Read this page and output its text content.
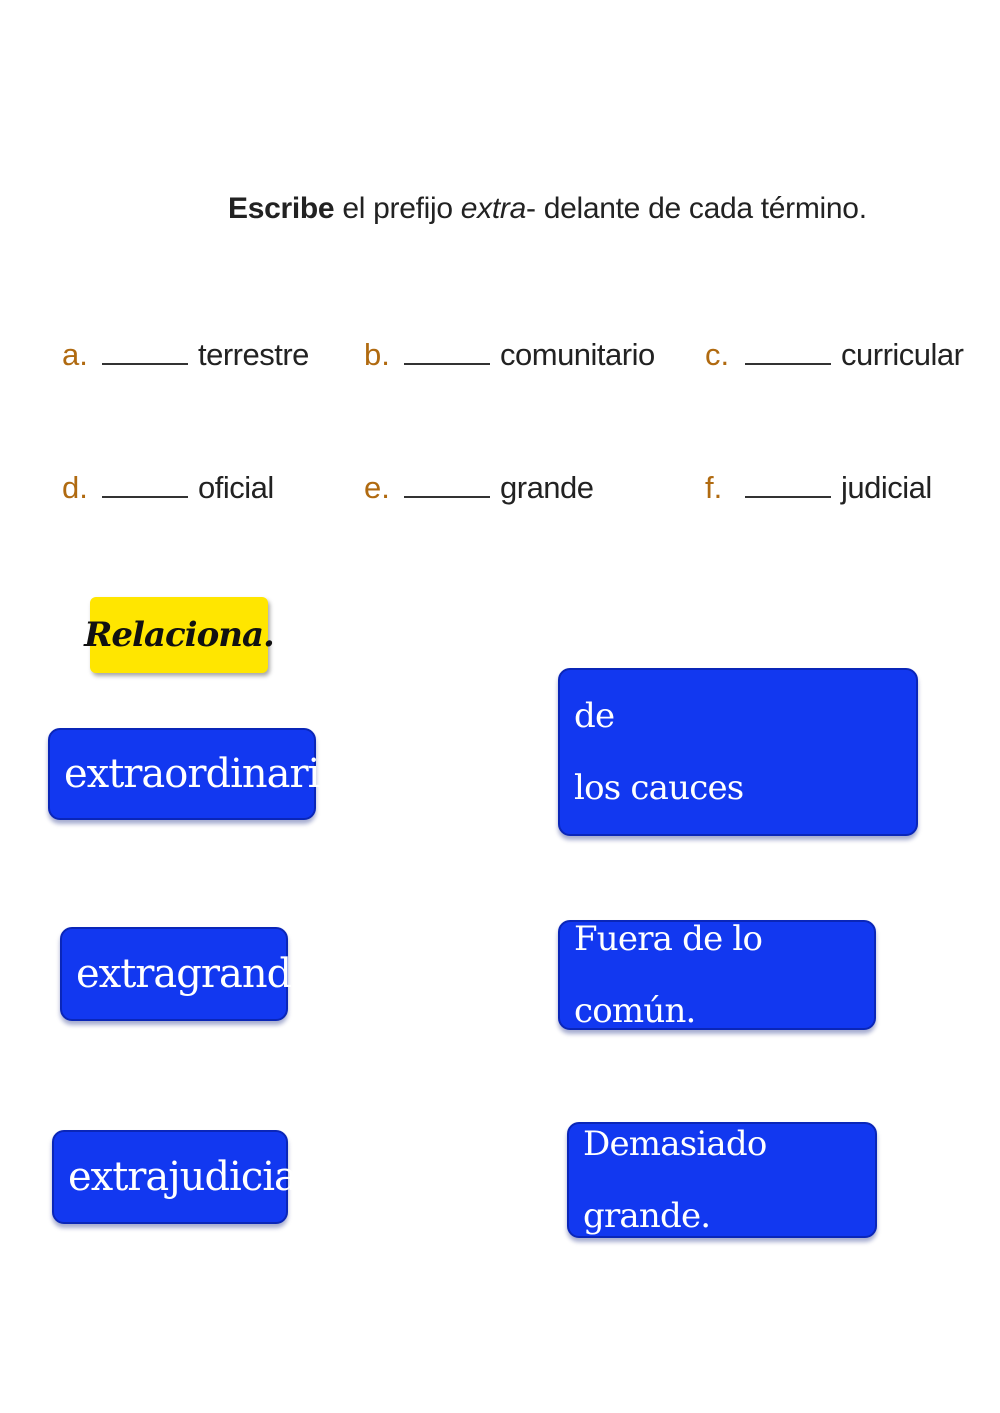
Escribe el prefijo extra- delante de cada término.
a.	terrestre b.	comunitario c.	curricular
d.	oficial	e.	grande	f.	judicial
Relaciona.
extraordinario
extragrande
extrajudicial
Que se realiza fuera de
los cauces judiciales.
Fuera de lo común.
Demasiado grande.
